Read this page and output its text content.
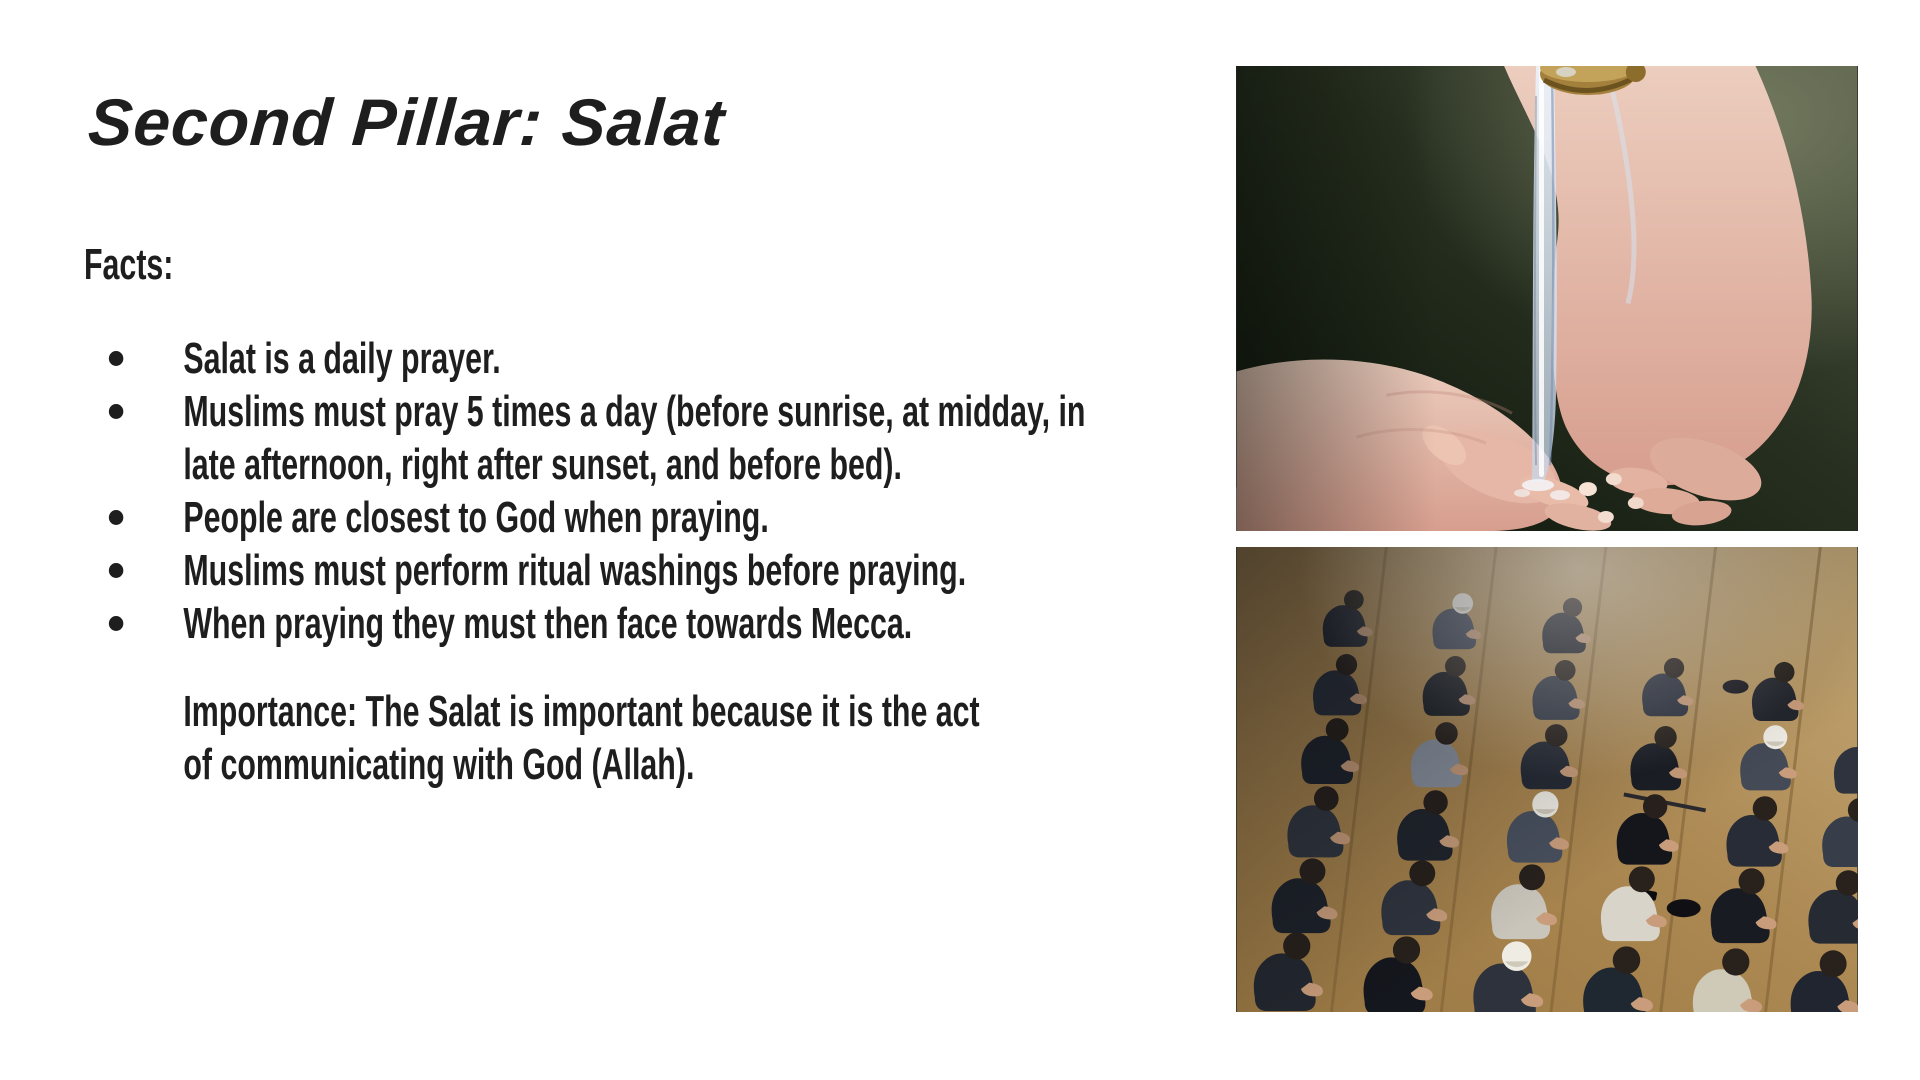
Second Pillar: Salat

Facts:

Salat is a daily prayer.
Muslims must pray 5 times a day (before sunrise, at midday, in late afternoon, right after sunset, and before bed).
People are closest to God when praying.
Muslims must perform ritual washings before praying.
When praying they must then face towards Mecca.

Importance: The Salat is important because it is the act of communicating with God (Allah).
